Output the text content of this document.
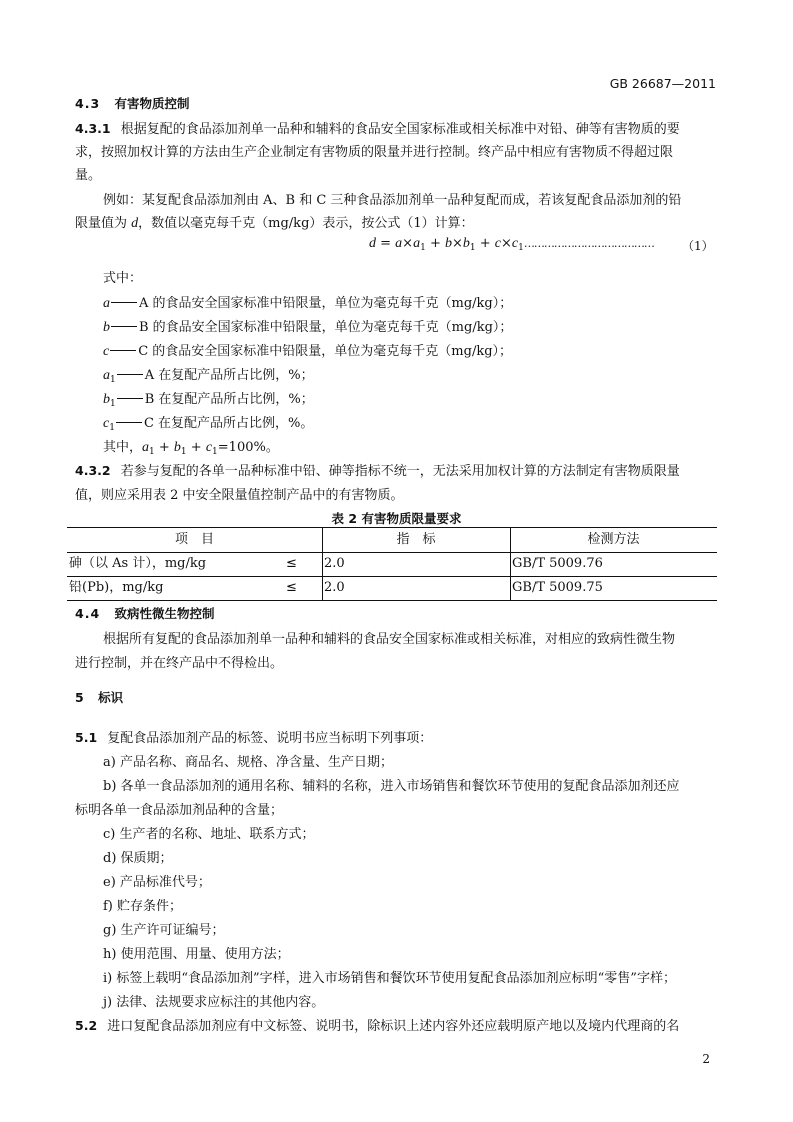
GB 26687—2011
4.3 有害物质控制
4.3.1 根据复配的食品添加剂单一品种和辅料的食品安全国家标准或相关标准中对铅、砷等有害物质的要
求，按照加权计算的方法由生产企业制定有害物质的限量并进行控制。终产品中相应有害物质不得超过限
量。
例如：某复配食品添加剂由 A、B 和 C 三种食品添加剂单一品种复配而成，若该复配食品添加剂的铅
限量值为 d，数值以毫克每千克（mg/kg）表示，按公式（1）计算：
$d = a\times a_1 + b\times b_1$ + $c\times c_1\dots\dots\dots\dots\dots\dots\dots\dots\dots\dots\dots\dots\dots$ （1）
式中：
a A 的食品安全国家标准中铅限量，单位为毫克每千克（mg/kg）；
b B 的食品安全国家标准中铅限量，单位为毫克每千克（mg/kg）；
c C 的食品安全国家标准中铅限量，单位为毫克每千克（mg/kg）；
$a_1$ A 在复配产品所占比例，%；
$b_1$ B 在复配产品所占比例，%；
$c_1$ C 在复配产品所占比例，%。
其中，$a_1 + b_1 + c_1=100\%$。
4.3.2 若参与复配的各单一品种标准中铅、砷等指标不统一，无法采用加权计算的方法制定有害物质限量
值，则应采用表 2 中安全限量值控制产品中的有害物质。
表 2 有害物质限量要求
项　目	指　标	检测方法
砷（以 As 计），mg/kg	≤ 2.0	GB/T 5009.76
铅(Pb)，mg/kg	≤ 2.0	GB/T 5009.75
4.4 致病性微生物控制
根据所有复配的食品添加剂单一品种和辅料的食品安全国家标准或相关标准，对相应的致病性微生物
进行控制，并在终产品中不得检出。
5 标识
5.1 复配食品添加剂产品的标签、说明书应当标明下列事项：
a) 产品名称、商品名、规格、净含量、生产日期；
b) 各单一食品添加剂的通用名称、辅料的名称，进入市场销售和餐饮环节使用的复配食品添加剂还应
标明各单一食品添加剂品种的含量；
c) 生产者的名称、地址、联系方式；
d) 保质期；
e) 产品标准代号；
f) 贮存条件；
g) 生产许可证编号；
h) 使用范围、用量、使用方法；
i) 标签上载明“食品添加剂”字样，进入市场销售和餐饮环节使用复配食品添加剂应标明“零售”字样；
j) 法律、法规要求应标注的其他内容。
5.2 进口复配食品添加剂应有中文标签、说明书，除标识上述内容外还应载明原产地以及境内代理商的名
2
